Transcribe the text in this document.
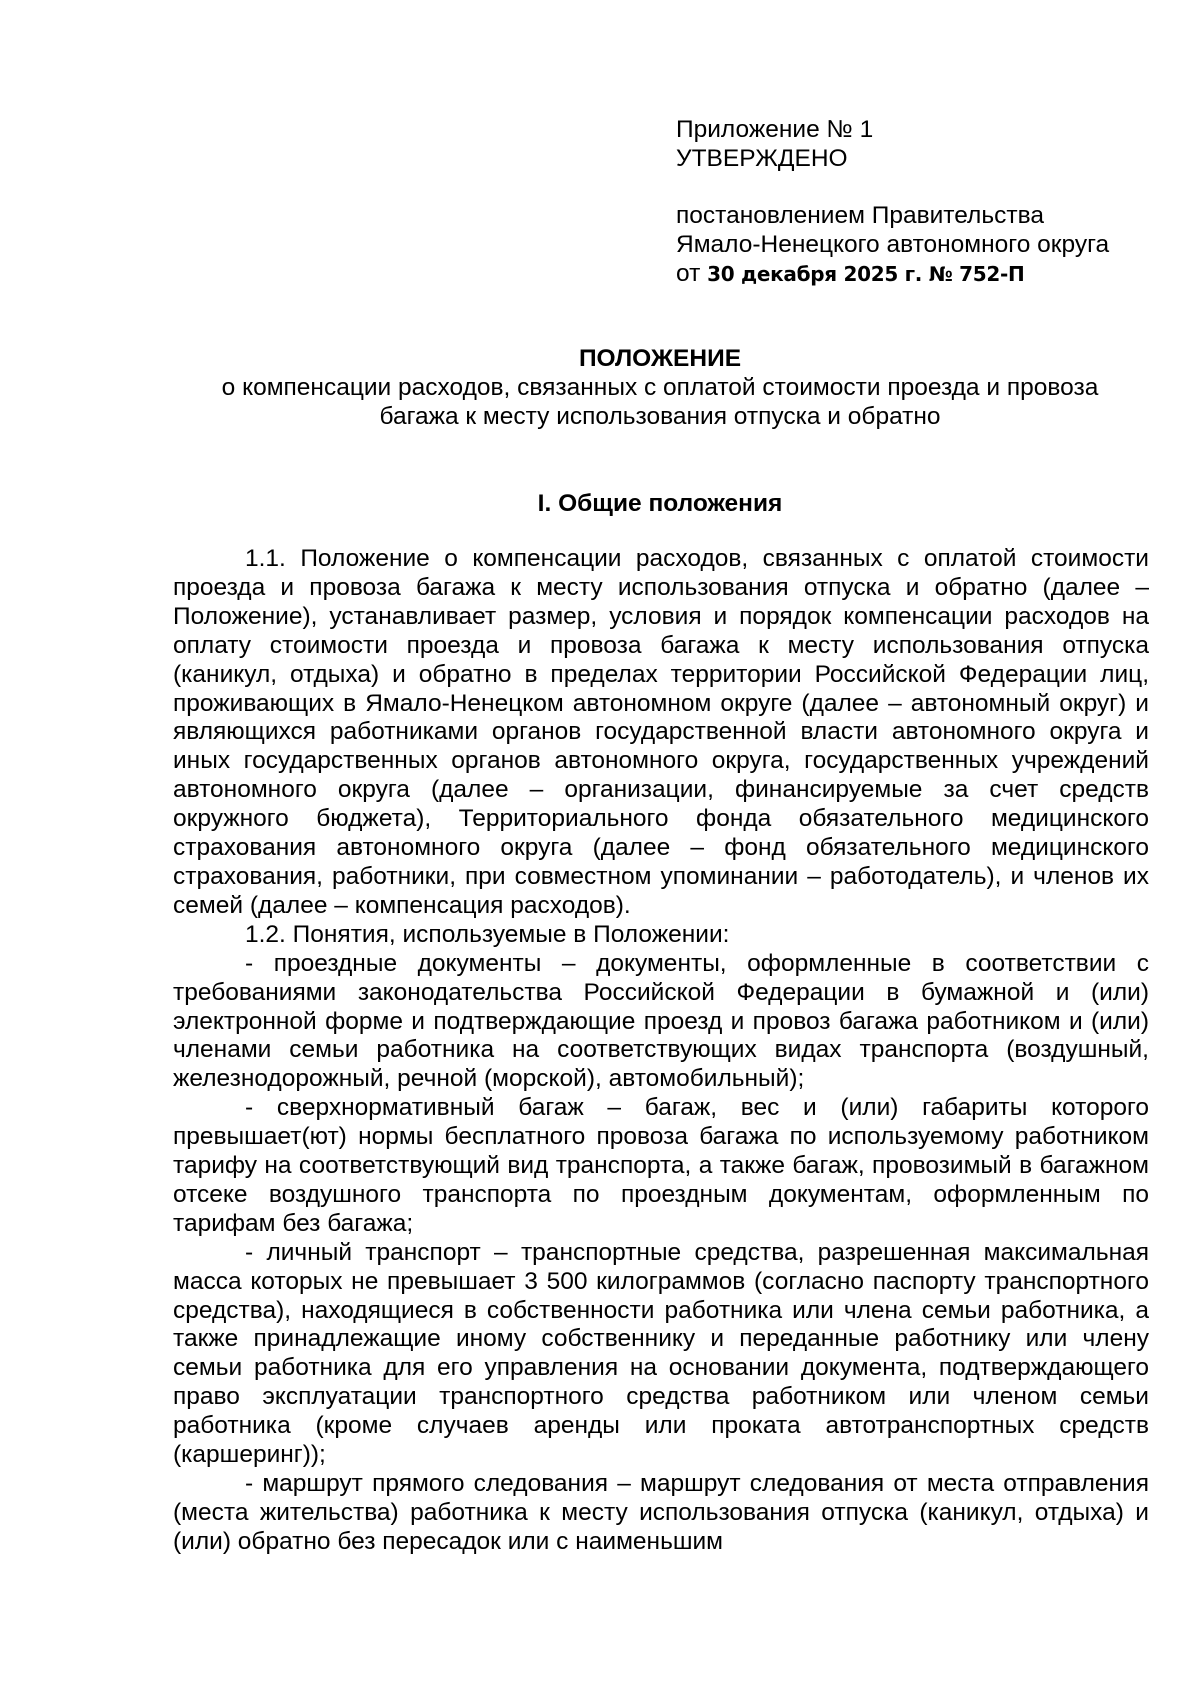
Приложение № 1
УТВЕРЖДЕНО
постановлением Правительства
Ямало-Ненецкого автономного округа
от 30 декабря 2025 г. № 752-П
ПОЛОЖЕНИЕ
о компенсации расходов, связанных с оплатой стоимости проезда и провоза
багажа к месту использования отпуска и обратно
I. Общие положения

1.1. Положение о компенсации расходов, связанных с оплатой стоимости проезда и провоза багажа к месту использования отпуска и обратно (далее – Положение), устанавливает размер, условия и порядок компенсации расходов на оплату стоимости проезда и провоза багажа к месту использования отпуска (каникул, отдыха) и обратно в пределах территории Российской Федерации лиц, проживающих в Ямало-Ненецком автономном округе (далее – автономный округ) и являющихся работниками органов государственной власти автономного округа и иных государственных органов автономного округа, государственных учреждений автономного округа (далее – организации, финансируемые за счет средств окружного бюджета), Территориального фонда обязательного медицинского страхования автономного округа (далее – фонд обязательного медицинского страхования, работники, при совместном упоминании – работодатель), и членов их семей (далее – компенсация расходов).

1.2. Понятия, используемые в Положении:

- проездные документы – документы, оформленные в соответствии с требованиями законодательства Российской Федерации в бумажной и (или) электронной форме и подтверждающие проезд и провоз багажа работником и (или) членами семьи работника на соответствующих видах транспорта (воздушный, железнодорожный, речной (морской), автомобильный);

- сверхнормативный багаж – багаж, вес и (или) габариты которого превышает(ют) нормы бесплатного провоза багажа по используемому работником тарифу на соответствующий вид транспорта, а также багаж, провозимый в багажном отсеке воздушного транспорта по проездным документам, оформленным по тарифам без багажа;

- личный транспорт – транспортные средства, разрешенная максимальная масса которых не превышает 3 500 килограммов (согласно паспорту транспортного средства), находящиеся в собственности работника или члена семьи работника, а также принадлежащие иному собственнику и переданные работнику или члену семьи работника для его управления на основании документа, подтверждающего право эксплуатации транспортного средства работником или членом семьи работника (кроме случаев аренды или проката автотранспортных средств (каршеринг));

- маршрут прямого следования – маршрут следования от места отправления (места жительства) работника к месту использования отпуска (каникул, отдыха) и (или) обратно без пересадок или с наименьшим
